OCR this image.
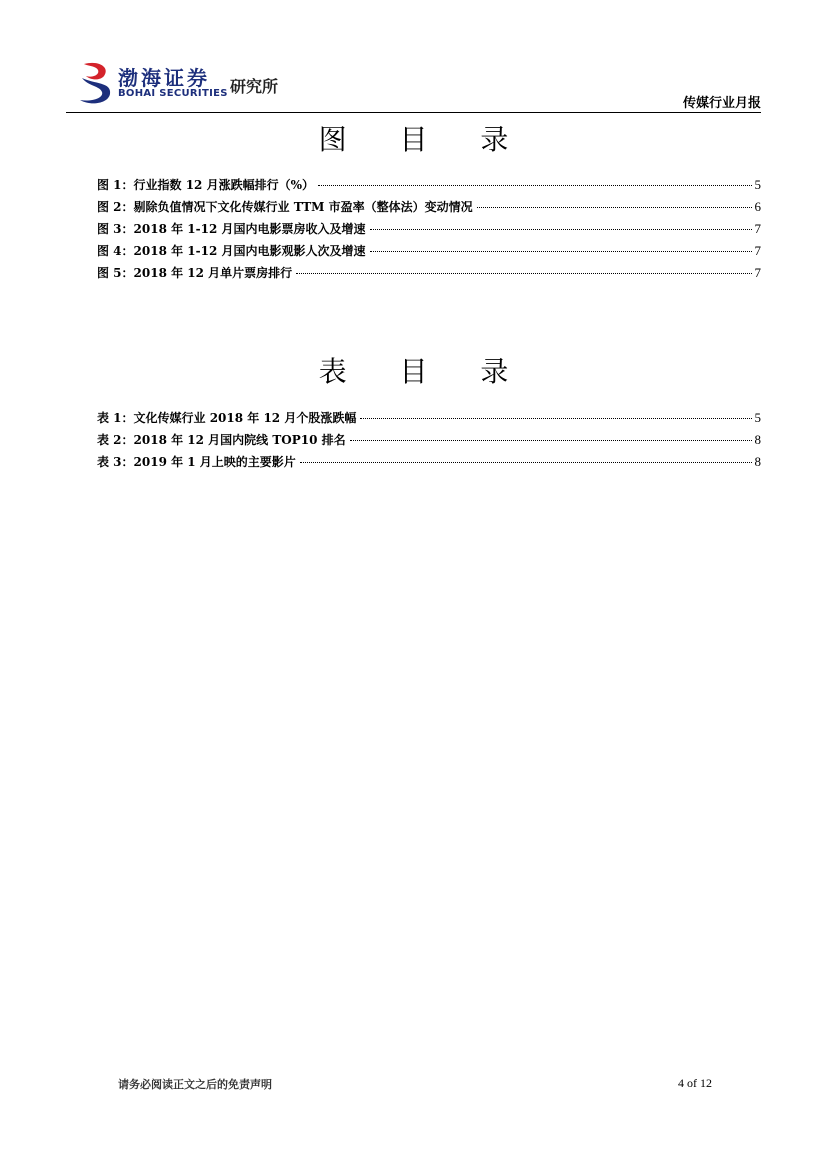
渤海证券
BOHAI SECURITIES 研究所
传媒行业月报
图 目 录
图 1：行业指数 12 月涨跌幅排行（%）	5
图 2：剔除负值情况下文化传媒行业 TTM 市盈率（整体法）变动情况	6
图 3：2018 年 1-12 月国内电影票房收入及增速	7
图 4：2018 年 1-12 月国内电影观影人次及增速	7
图 5：2018 年 12 月单片票房排行	7
表 目 录
表 1：文化传媒行业 2018 年 12 月个股涨跌幅	5
表 2：2018 年 12 月国内院线 TOP10 排名	8
表 3：2019 年 1 月上映的主要影片	8
请务必阅读正文之后的免责声明	4 of 12
